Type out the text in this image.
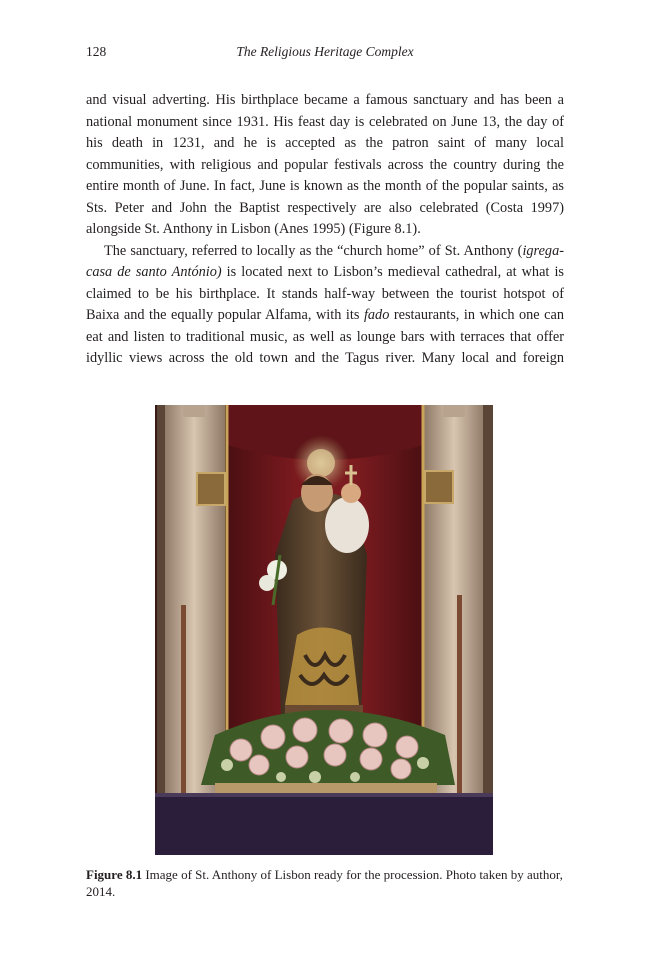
128	The Religious Heritage Complex

and visual adverting. His birthplace became a famous sanctuary and has been a national monument since 1931. His feast day is celebrated on June 13, the day of his death in 1231, and he is accepted as the patron saint of many local communities, with religious and popular festivals across the country during the entire month of June. In fact, June is known as the month of the popular saints, as Sts. Peter and John the Baptist respectively are also celebrated (Costa 1997) alongside St. Anthony in Lisbon (Anes 1995) (Figure 8.1).

The sanctuary, referred to locally as the “church home” of St. Anthony (igrega-casa de santo António) is located next to Lisbon’s medieval cathedral, at what is claimed to be his birthplace. It stands half-way between the tourist hotspot of Baixa and the equally popular Alfama, with its fado restaurants, in which one can eat and listen to traditional music, as well as lounge bars with terraces that offer idyllic views across the old town and the Tagus river. Many local and foreign

Figure 8.1 Image of St. Anthony of Lisbon ready for the procession. Photo taken by author, 2014.
